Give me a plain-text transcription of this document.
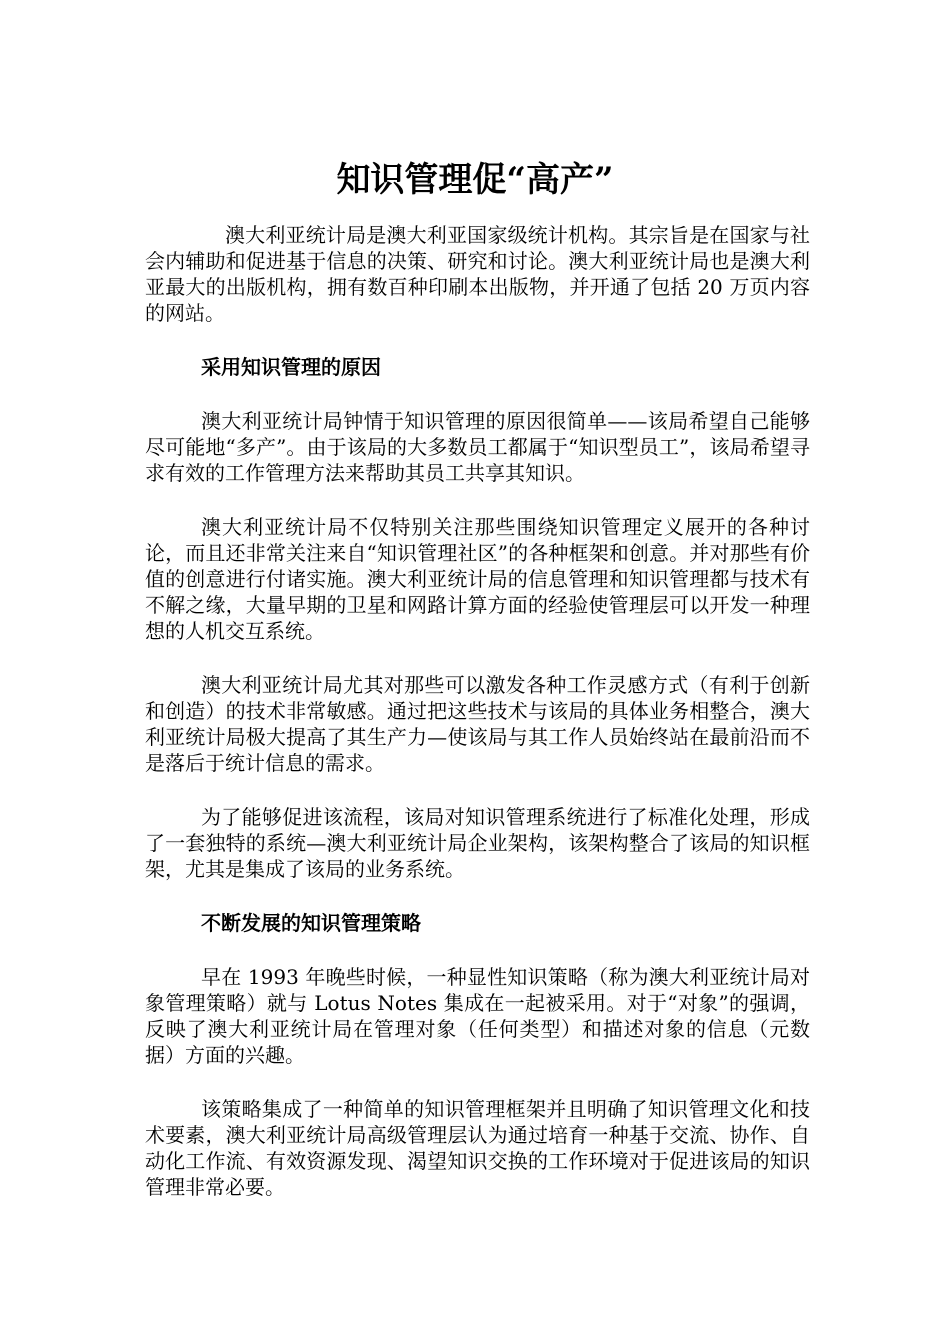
知识管理促“高产”

澳大利亚统计局是澳大利亚国家级统计机构。其宗旨是在国家与社会内辅助和促进基于信息的决策、研究和讨论。澳大利亚统计局也是澳大利亚最大的出版机构，拥有数百种印刷本出版物，并开通了包括 20 万页内容的网站。

采用知识管理的原因

澳大利亚统计局钟情于知识管理的原因很简单——该局希望自己能够尽可能地“多产”。由于该局的大多数员工都属于“知识型员工”，该局希望寻求有效的工作管理方法来帮助其员工共享其知识。

澳大利亚统计局不仅特别关注那些围绕知识管理定义展开的各种讨论，而且还非常关注来自“知识管理社区”的各种框架和创意。并对那些有价值的创意进行付诸实施。澳大利亚统计局的信息管理和知识管理都与技术有不解之缘，大量早期的卫星和网路计算方面的经验使管理层可以开发一种理想的人机交互系统。

澳大利亚统计局尤其对那些可以激发各种工作灵感方式（有利于创新和创造）的技术非常敏感。通过把这些技术与该局的具体业务相整合，澳大利亚统计局极大提高了其生产力—使该局与其工作人员始终站在最前沿而不是落后于统计信息的需求。

为了能够促进该流程，该局对知识管理系统进行了标准化处理，形成了一套独特的系统—澳大利亚统计局企业架构，该架构整合了该局的知识框架，尤其是集成了该局的业务系统。

不断发展的知识管理策略

早在 1993 年晚些时候，一种显性知识策略（称为澳大利亚统计局对象管理策略）就与 Lotus Notes 集成在一起被采用。对于“对象”的强调，反映了澳大利亚统计局在管理对象（任何类型）和描述对象的信息（元数据）方面的兴趣。

该策略集成了一种简单的知识管理框架并且明确了知识管理文化和技术要素，澳大利亚统计局高级管理层认为通过培育一种基于交流、协作、自动化工作流、有效资源发现、渴望知识交换的工作环境对于促进该局的知识管理非常必要。
